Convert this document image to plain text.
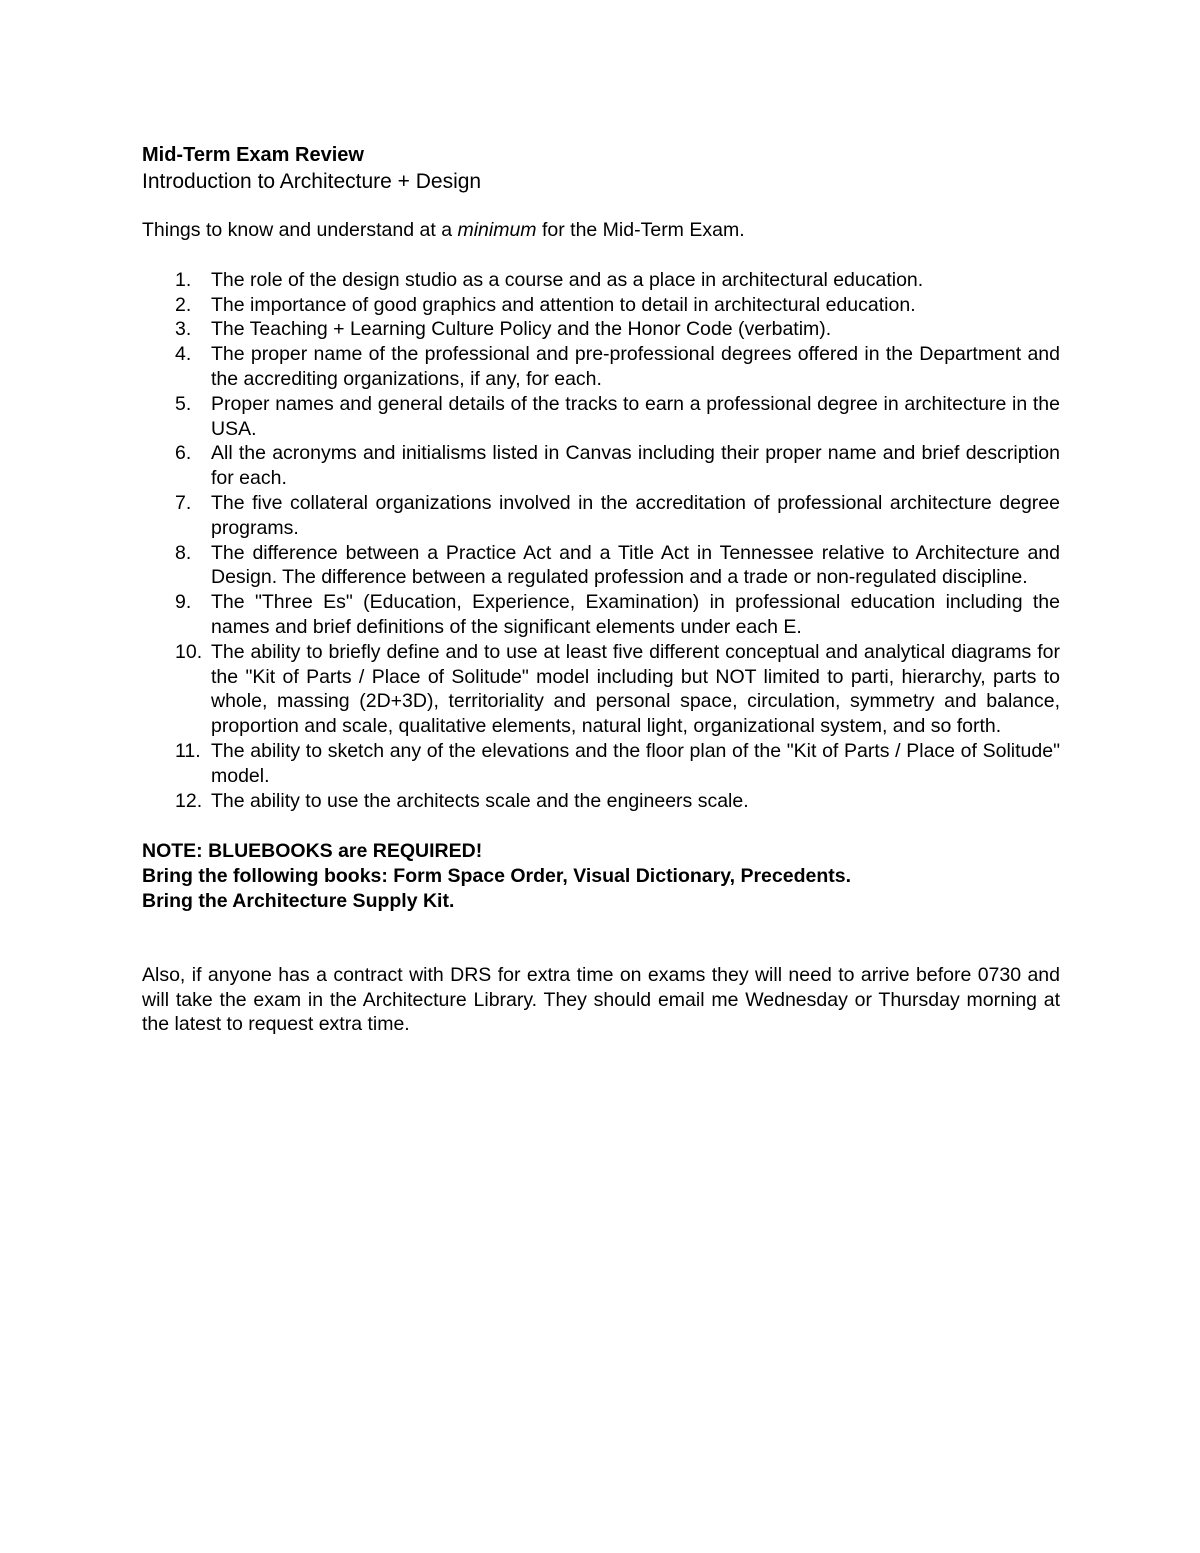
Mid-Term Exam Review

Introduction to Architecture + Design

Things to know and understand at a minimum for the Mid-Term Exam.

1.	The role of the design studio as a course and as a place in architectural education.
2.	The importance of good graphics and attention to detail in architectural education.
3.	The Teaching + Learning Culture Policy and the Honor Code (verbatim).
4.	The proper name of the professional and pre-professional degrees offered in the Department and the accrediting organizations, if any, for each.
5.	Proper names and general details of the tracks to earn a professional degree in architecture in the USA.
6.	All the acronyms and initialisms listed in Canvas including their proper name and brief description for each.
7.	The five collateral organizations involved in the accreditation of professional architecture degree programs.
8.	The difference between a Practice Act and a Title Act in Tennessee relative to Architecture and Design. The difference between a regulated profession and a trade or non-regulated discipline.
9.	The "Three Es" (Education, Experience, Examination) in professional education including the names and brief definitions of the significant elements under each E.
10. The ability to briefly define and to use at least five different conceptual and analytical diagrams for the "Kit of Parts / Place of Solitude" model including but NOT limited to parti, hierarchy, parts to whole, massing (2D+3D), territoriality and personal space, circulation, symmetry and balance, proportion and scale, qualitative elements, natural light, organizational system, and so forth.
11. The ability to sketch any of the elevations and the floor plan of the "Kit of Parts / Place of Solitude" model.
12. The ability to use the architects scale and the engineers scale.

NOTE: BLUEBOOKS are REQUIRED!

Bring the following books: Form Space Order, Visual Dictionary, Precedents.

Bring the Architecture Supply Kit.

Also, if anyone has a contract with DRS for extra time on exams they will need to arrive before 0730 and will take the exam in the Architecture Library. They should email me Wednesday or Thursday morning at the latest to request extra time.
